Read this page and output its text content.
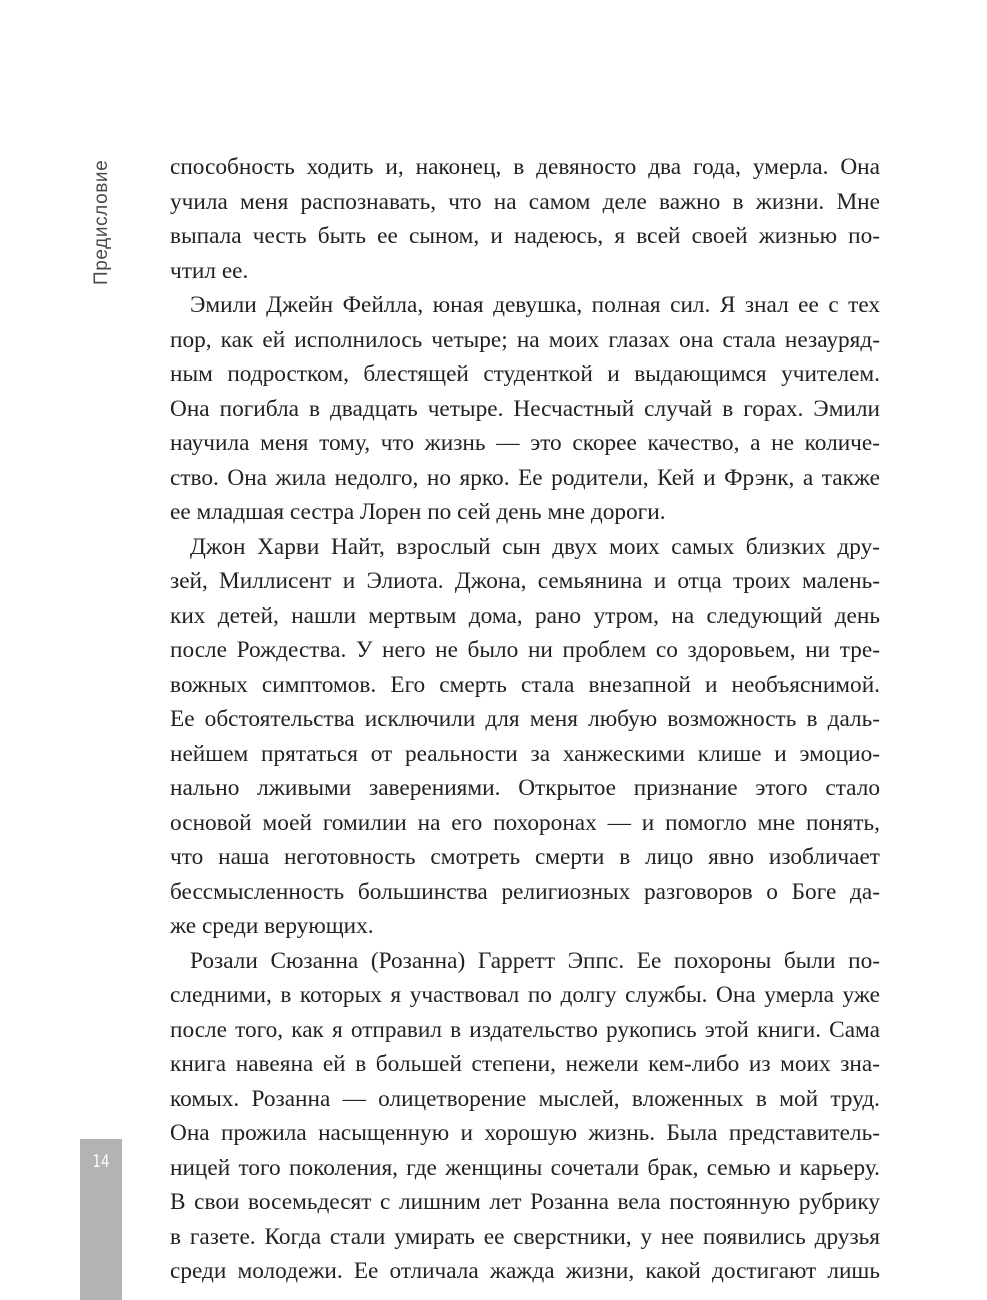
Предисловие
14
способность ходить и, наконец, в девяносто два года, умерла. Она
учила меня распознавать, что на самом деле важно в жизни. Мне
выпала честь быть ее сыном, и надеюсь, я всей своей жизнью по-
чтил ее.
Эмили Джейн Фейлла, юная девушка, полная сил. Я знал ее с тех
пор, как ей исполнилось четыре; на моих глазах она стала незауряд-
ным подростком, блестящей студенткой и выдающимся учителем.
Она погибла в двадцать четыре. Несчастный случай в горах. Эмили
научила меня тому, что жизнь — это скорее качество, а не количе-
ство. Она жила недолго, но ярко. Ее родители, Кей и Фрэнк, а также
ее младшая сестра Лорен по сей день мне дороги.
Джон Харви Найт, взрослый сын двух моих самых близких дру-
зей, Миллисент и Элиота. Джона, семьянина и отца троих малень-
ких детей, нашли мертвым дома, рано утром, на следующий день
после Рождества. У него не было ни проблем со здоровьем, ни тре-
вожных симптомов. Его смерть стала внезапной и необъяснимой.
Ее обстоятельства исключили для меня любую возможность в даль-
нейшем прятаться от реальности за ханжескими клише и эмоцио-
нально лживыми заверениями. Открытое признание этого стало
основой моей гомилии на его похоронах — и помогло мне понять,
что наша неготовность смотреть смерти в лицо явно изобличает
бессмысленность большинства религиозных разговоров о Боге да-
же среди верующих.
Розали Сюзанна (Розанна) Гарретт Эппс. Ее похороны были по-
следними, в которых я участвовал по долгу службы. Она умерла уже
после того, как я отправил в издательство рукопись этой книги. Сама
книга навеяна ей в большей степени, нежели кем-либо из моих зна-
комых. Розанна — олицетворение мыслей, вложенных в мой труд.
Она прожила насыщенную и хорошую жизнь. Была представитель-
ницей того поколения, где женщины сочетали брак, семью и карьеру.
В свои восемьдесят с лишним лет Розанна вела постоянную рубрику
в газете. Когда стали умирать ее сверстники, у нее появились друзья
среди молодежи. Ее отличала жажда жизни, какой достигают лишь
